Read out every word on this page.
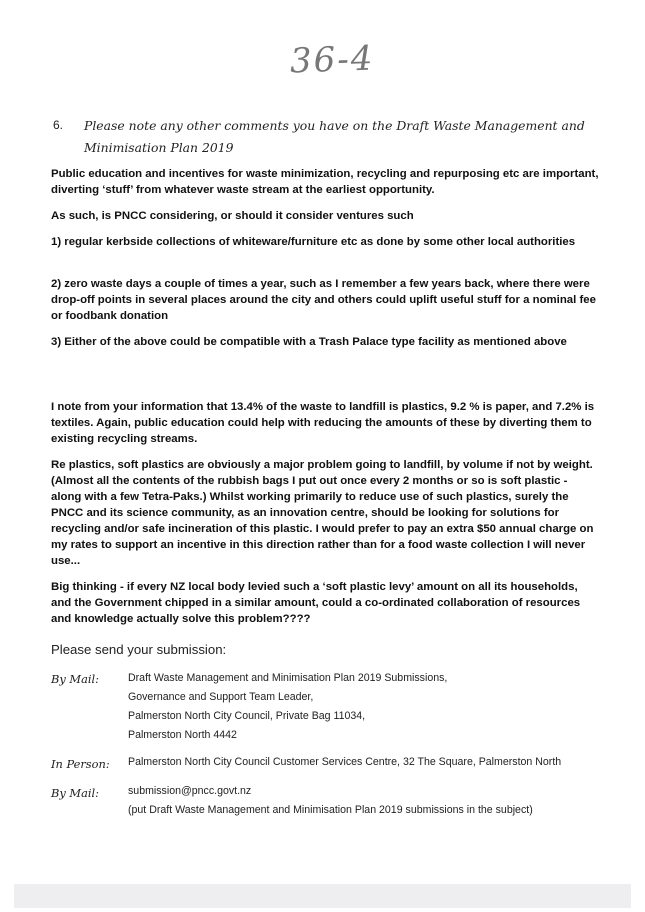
36-4
6. Please note any other comments you have on the Draft Waste Management and Minimisation Plan 2019
Public education and incentives for waste minimization, recycling and repurposing etc are important, diverting ‘stuff’ from whatever waste stream at the earliest opportunity.
As such, is PNCC considering, or should it consider ventures such
1) regular kerbside collections of whiteware/furniture etc as done by some other local authorities
2) zero waste days a couple of times a year, such as I remember a few years back, where there were drop-off points in several places around the city and others could uplift useful stuff for a nominal fee or foodbank donation
3) Either of the above could be compatible with a Trash Palace type facility as mentioned above
I note from your information that 13.4% of the waste to landfill is plastics, 9.2 % is paper, and 7.2% is textiles. Again, public education could help with reducing the amounts of these by diverting them to existing recycling streams.
Re plastics, soft plastics are obviously a major problem going to landfill, by volume if not by weight. (Almost all the contents of the rubbish bags I put out once every 2 months or so is soft plastic - along with a few Tetra-Paks.) Whilst working primarily to reduce use of such plastics, surely the PNCC and its science community, as an innovation centre, should be looking for solutions for recycling and/or safe incineration of this plastic. I would prefer to pay an extra $50 annual charge on my rates to support an incentive in this direction rather than for a food waste collection I will never use...
Big thinking - if every NZ local body levied such a ‘soft plastic levy’ amount on all its households, and the Government chipped in a similar amount, could a co-ordinated collaboration of resources and knowledge actually solve this problem????
Please send your submission:
By Mail:	Draft Waste Management and Minimisation Plan 2019 Submissions,
Governance and Support Team Leader,
Palmerston North City Council, Private Bag 11034,
Palmerston North 4442
In Person: Palmerston North City Council Customer Services Centre, 32 The Square, Palmerston North
By Mail:	submission@pncc.govt.nz
(put Draft Waste Management and Minimisation Plan 2019 submissions in the subject)
